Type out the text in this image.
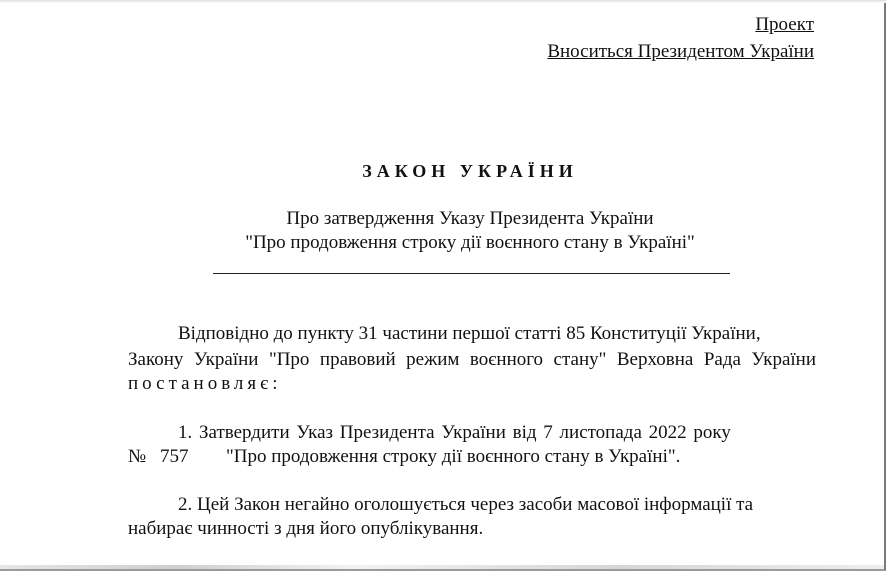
Проект
Вноситься Президентом України
ЗАКОН УКРАЇНИ
Про затвердження Указу Президента України
"Про продовження строку дії воєнного стану в Україні"
Відповідно до пункту 31 частини першої статті 85 Конституції України,
Закону України "Про правовий режим воєнного стану" Верховна Рада України
постановляє:
1. Затвердити Указ Президента України від 7 листопада 2022 року
№ 757 "Про продовження строку дії воєнного стану в Україні".
2. Цей Закон негайно оголошується через засоби масової інформації та
набирає чинності з дня його опублікування.
